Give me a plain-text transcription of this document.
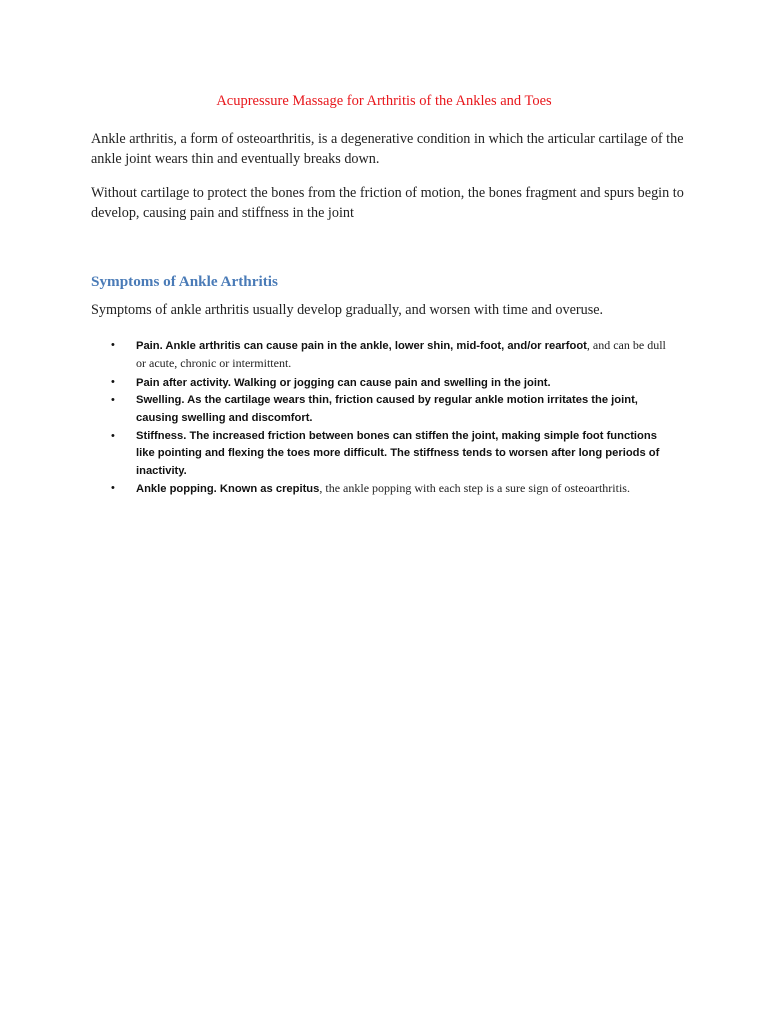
Acupressure Massage for Arthritis of the Ankles and Toes

Ankle arthritis, a form of osteoarthritis, is a degenerative condition in which the articular cartilage of the ankle joint wears thin and eventually breaks down.

Without cartilage to protect the bones from the friction of motion, the bones fragment and spurs begin to develop, causing pain and stiffness in the joint

Symptoms of Ankle Arthritis

Symptoms of ankle arthritis usually develop gradually, and worsen with time and overuse.

• Pain. Ankle arthritis can cause pain in the ankle, lower shin, mid-foot, and/or rearfoot, and can be dull or acute, chronic or intermittent.
• Pain after activity. Walking or jogging can cause pain and swelling in the joint.
• Swelling. As the cartilage wears thin, friction caused by regular ankle motion irritates the joint, causing swelling and discomfort.
• Stiffness. The increased friction between bones can stiffen the joint, making simple foot functions like pointing and flexing the toes more difficult. The stiffness tends to worsen after long periods of inactivity.
• Ankle popping. Known as crepitus, the ankle popping with each step is a sure sign of osteoarthritis.
